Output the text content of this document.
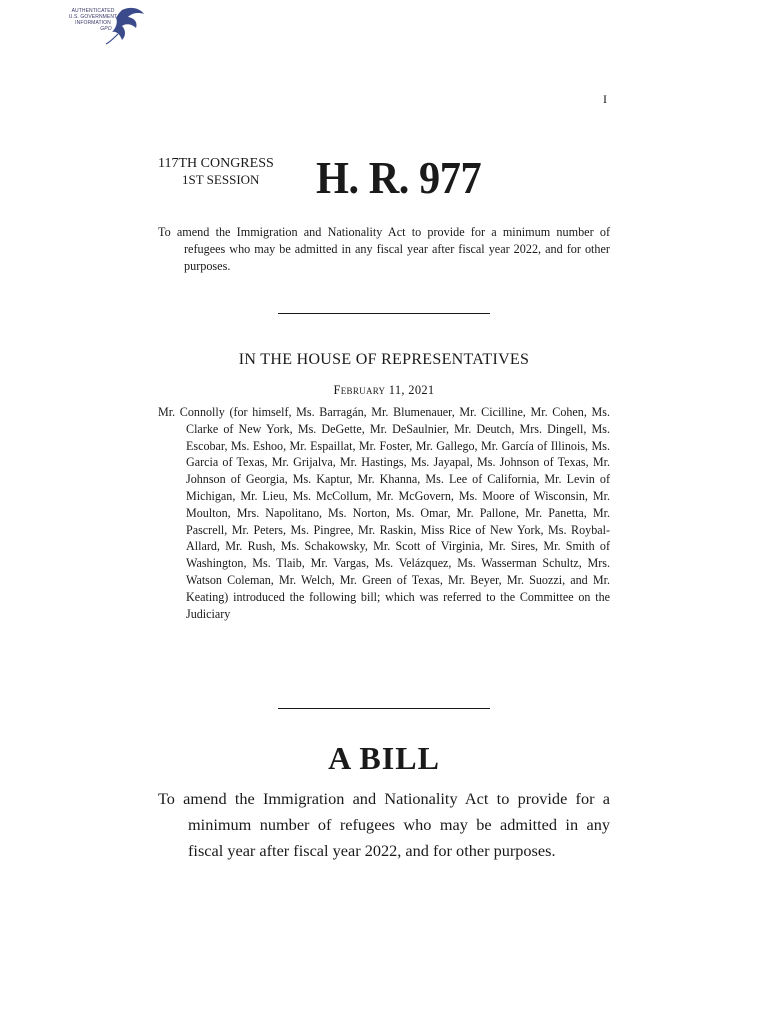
AUTHENTICATED
U.S. GOVERNMENT
INFORMATION
GPO
I
117TH CONGRESS
1ST SESSION	H. R. 977
To amend the Immigration and Nationality Act to provide for a minimum number of refugees who may be admitted in any fiscal year after fiscal year 2022, and for other purposes.
IN THE HOUSE OF REPRESENTATIVES
February 11, 2021
Mr. Connolly (for himself, Ms. Barragán, Mr. Blumenauer, Mr. Cicilline, Mr. Cohen, Ms. Clarke of New York, Ms. DeGette, Mr. DeSaulnier, Mr. Deutch, Mrs. Dingell, Ms. Escobar, Ms. Eshoo, Mr. Espaillat, Mr. Foster, Mr. Gallego, Mr. García of Illinois, Ms. Garcia of Texas, Mr. Grijalva, Mr. Hastings, Ms. Jayapal, Ms. Johnson of Texas, Mr. Johnson of Georgia, Ms. Kaptur, Mr. Khanna, Ms. Lee of California, Mr. Levin of Michigan, Mr. Lieu, Ms. McCollum, Mr. McGovern, Ms. Moore of Wisconsin, Mr. Moulton, Mrs. Napolitano, Ms. Norton, Ms. Omar, Mr. Pallone, Mr. Panetta, Mr. Pascrell, Mr. Peters, Ms. Pingree, Mr. Raskin, Miss Rice of New York, Ms. Roybal-Allard, Mr. Rush, Ms. Schakowsky, Mr. Scott of Virginia, Mr. Sires, Mr. Smith of Washington, Ms. Tlaib, Mr. Vargas, Ms. Velázquez, Ms. Wasserman Schultz, Mrs. Watson Coleman, Mr. Welch, Mr. Green of Texas, Mr. Beyer, Mr. Suozzi, and Mr. Keating) introduced the following bill; which was referred to the Committee on the Judiciary
A BILL
To amend the Immigration and Nationality Act to provide for a minimum number of refugees who may be admitted in any fiscal year after fiscal year 2022, and for other purposes.
